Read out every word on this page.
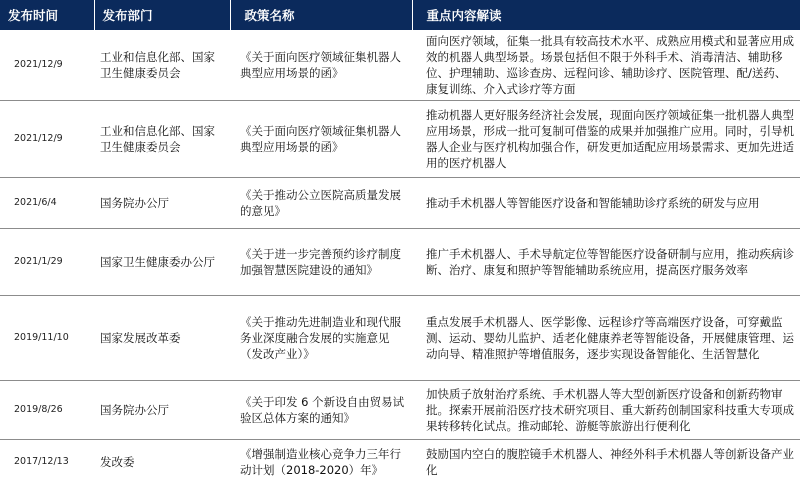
发布时间	发布部门	政策名称	重点内容解读
2021/12/9	工业和信息化部、国家卫生健康委员会	《关于面向医疗领域征集机器人典型应用场景的函》	面向医疗领域，征集一批具有较高技术水平、成熟应用模式和显著应用成效的机器人典型场景。场景包括但不限于外科手术、消毒清洁、辅助移位、护理辅助、巡诊查房、远程问诊、辅助诊疗、医院管理、配/送药、康复训练、介入式诊疗等方面
2021/12/9	工业和信息化部、国家卫生健康委员会	《关于面向医疗领域征集机器人典型应用场景的函》	推动机器人更好服务经济社会发展，现面向医疗领域征集一批机器人典型应用场景，形成一批可复制可借鉴的成果并加强推广应用。同时，引导机器人企业与医疗机构加强合作，研发更加适配应用场景需求、更加先进适用的医疗机器人
2021/6/4	国务院办公厅	《关于推动公立医院高质量发展的意见》	推动手术机器人等智能医疗设备和智能辅助诊疗系统的研发与应用
2021/1/29	国家卫生健康委办公厅	《关于进一步完善预约诊疗制度加强智慧医院建设的通知》	推广手术机器人、手术导航定位等智能医疗设备研制与应用，推动疾病诊断、治疗、康复和照护等智能辅助系统应用，提高医疗服务效率
2019/11/10	国家发展改革委	《关于推动先进制造业和现代服务业深度融合发展的实施意见（发改产业）》	重点发展手术机器人、医学影像、远程诊疗等高端医疗设备，可穿戴监测、运动、婴幼儿监护、适老化健康养老等智能设备，开展健康管理、运动向导、精准照护等增值服务，逐步实现设备智能化、生活智慧化
2019/8/26	国务院办公厅	《关于印发 6 个新设自由贸易试验区总体方案的通知》	加快质子放射治疗系统、手术机器人等大型创新医疗设备和创新药物审批。探索开展前沿医疗技术研究项目、重大新药创制国家科技重大专项成果转移转化试点。推动邮轮、游艇等旅游出行便利化
2017/12/13	发改委	《增强制造业核心竞争力三年行动计划（2018-2020）年》	鼓励国内空白的腹腔镜手术机器人、神经外科手术机器人等创新设备产业化
